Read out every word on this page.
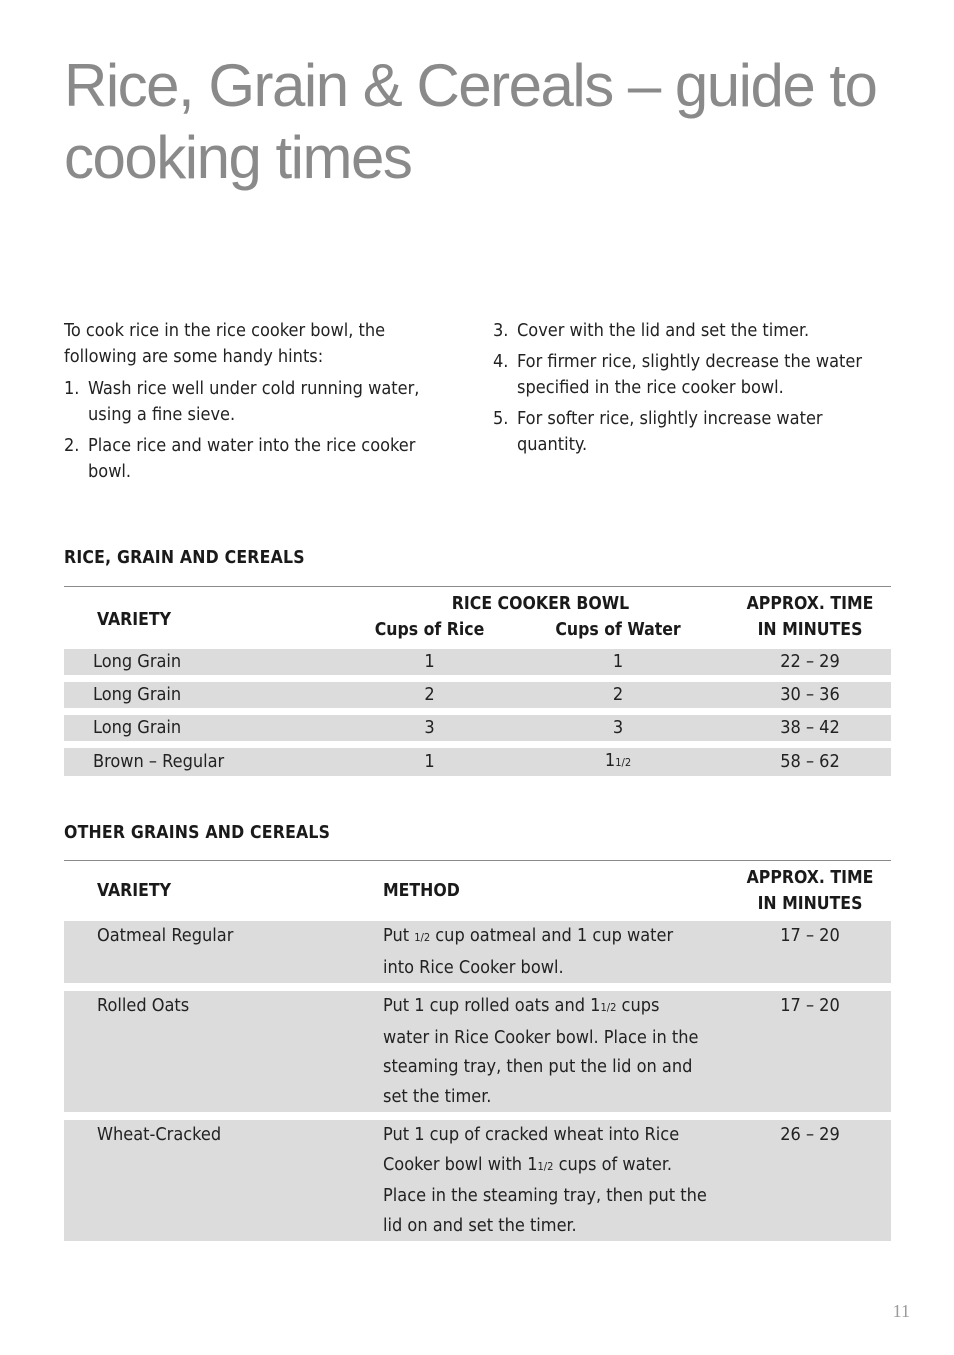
Rice, Grain & Cereals – guide to cooking times

To cook rice in the rice cooker bowl, the following are some handy hints:

1. Wash rice well under cold running water, using a fine sieve.
2. Place rice and water into the rice cooker bowl.
3. Cover with the lid and set the timer.
4. For firmer rice, slightly decrease the water specified in the rice cooker bowl.
5. For softer rice, slightly increase water quantity.
RICE, GRAIN AND CEREALS
VARIETY	RICE COOKER BOWL		APPROX. TIME
	Cups of Rice	Cups of Water	IN MINUTES
Long Grain	1	1	22 – 29
Long Grain	2	2	30 – 36
Long Grain	3	3	38 – 42
Brown – Regular	1	11/2	58 – 62
OTHER GRAINS AND CEREALS
VARIETY	METHOD	APPROX. TIME
IN MINUTES

Oatmeal Regular	Put 1/2 cup oatmeal and 1 cup water into Rice Cooker bowl.	17 – 20
Rolled Oats	Put 1 cup rolled oats and 11/2 cups water in Rice Cooker bowl. Place in the steaming tray, then put the lid on and set the timer.	17 – 20
Wheat-Cracked	Put 1 cup of cracked wheat into Rice Cooker bowl with 11/2 cups of water. Place in the steaming tray, then put the lid on and set the timer.	26 – 29
11
